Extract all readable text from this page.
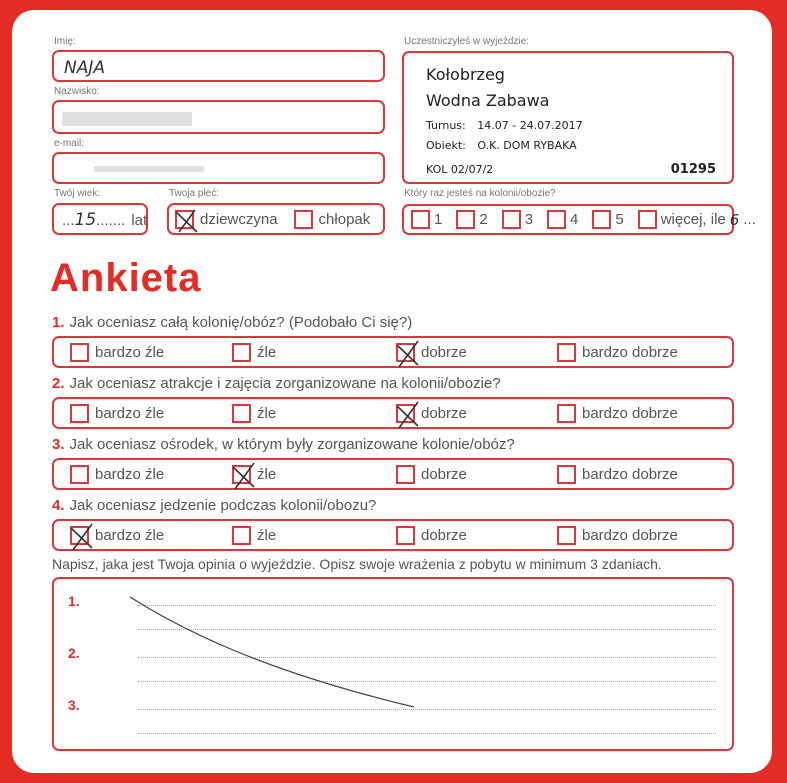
Imię:
NAJA
Nazwisko:
e-mail:
Twój wiek:
... 15 ....... lat
Twoja płeć:
dziewczyna	chłopak
Uczestniczyłeś w wyjeździe:
Kołobrzeg
Wodna Zabawa
Turnus: 14.07 - 24.07.2017
Obiekt: O.K. DOM RYBAKA
KOL 02/07/2	01295
Który raz jesteś na kolonii/obozie?
1 2 3 4 5 więcej, ile 6 ...
Ankieta
1. Jak oceniasz całą kolonię/obóz? (Podobało Ci się?)
bardzo źle	źle	dobrze	bardzo dobrze
2. Jak oceniasz atrakcje i zajęcia zorganizowane na kolonii/obozie?
bardzo źle	źle	dobrze	bardzo dobrze
3. Jak oceniasz ośrodek, w którym były zorganizowane kolonie/obóz?
bardzo źle	źle	dobrze	bardzo dobrze
4. Jak oceniasz jedzenie podczas kolonii/obozu?
bardzo źle	źle	dobrze	bardzo dobrze
Napisz, jaka jest Twoja opinia o wyjeździe. Opisz swoje wrażenia z pobytu w minimum 3 zdaniach.
1.
2.
3.
